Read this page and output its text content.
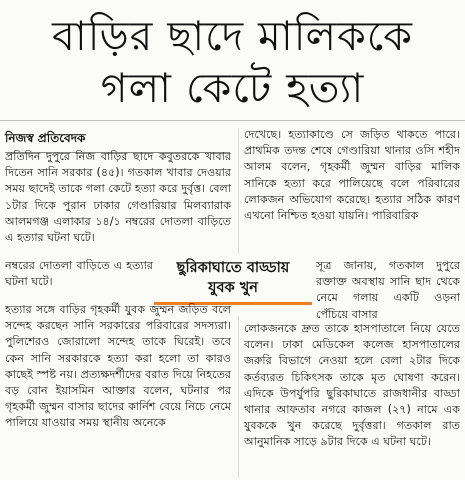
বাড়ির ছাদে মালিককে
গলা কেটে হত্যা
নিজস্ব প্রতিবেদক

প্রতিদিন দুপুরে নিজ বাড়ির ছাদে কবুতরকে খাবার দিতেন সানি সরকার (৪৫)। গতকাল খাবার দেওয়ার সময় ছাদেই তাকে গলা কেটে হত্যা করে দুর্বৃত্ত। বেলা ১টার দিকে পুরান ঢাকার গেণ্ডারিয়ার মিলব্যারাক আলমগঞ্জ এলাকার ১৪/১ নম্বরের দোতলা বাড়িতে এ হত্যার ঘটনা ঘটে।

দেখেছে। হত্যাকাণ্ডে সে জড়িত থাকতে পারে। প্রাথমিক তদন্ত শেষে গেণ্ডারিয়া থানার ওসি শহীদ আলম বলেন, গৃহকর্মী জুম্মন বাড়ির মালিক সানিকে হত্যা করে পালিয়েছে বলে পরিবারের লোকজন অভিযোগ করেছে। হত্যার সঠিক কারণ এখনো নিশ্চিত হওয়া যায়নি। পারিবারিক

নম্বরের দোতলা বাড়িতে এ হত্যার ঘটনা ঘটে।

সূত্র জানায়, গতকাল দুপুরে রক্তাক্ত অবস্থায় সানি ছাদ থেকে নেমে গলায় একটি ওড়না পেঁচিয়ে বাসার

ছুরিকাঘাতে বাড্ডায়
যুবক খুন

হত্যার সঙ্গে বাড়ির গৃহকর্মী যুবক জুম্মন জড়িত বলে সন্দেহ করছেন সানি সরকারের পরিবারের সদস্যরা। পুলিশেরও জোরালো সন্দেহ তাকে ঘিরেই। তবে কেন সানি সরকারকে হত্যা করা হলো তা কারও কাছেই স্পষ্ট নয়। প্রত্যক্ষদর্শীদের বরাত দিয়ে নিহতের বড় বোন ইয়াসমিন আক্তার বলেন, ঘটনার পর গৃহকর্মী জুম্মন বাসার ছাদের কার্নিশ বেয়ে নিচে নেমে পালিয়ে যাওয়ার সময় স্থানীয় অনেকে

লোকজনকে দ্রুত তাকে হাসপাতালে নিয়ে যেতে বলেন। ঢাকা মেডিকেল কলেজ হাসপাতালের জরুরি বিভাগে নেওয়া হলে বেলা ২টার দিকে কর্তব্যরত চিকিৎসক তাকে মৃত ঘোষণা করেন। এদিকে উপর্যুপরি ছুরিকাঘাতে রাজধানীর বাড্ডা থানার আফতাব নগরে কাজল (২৭) নামে এক যুবককে খুন করেছে দুর্বৃত্তরা। গতকাল রাত আনুমানিক সাড়ে ৯টার দিকে এ ঘটনা ঘটে।
